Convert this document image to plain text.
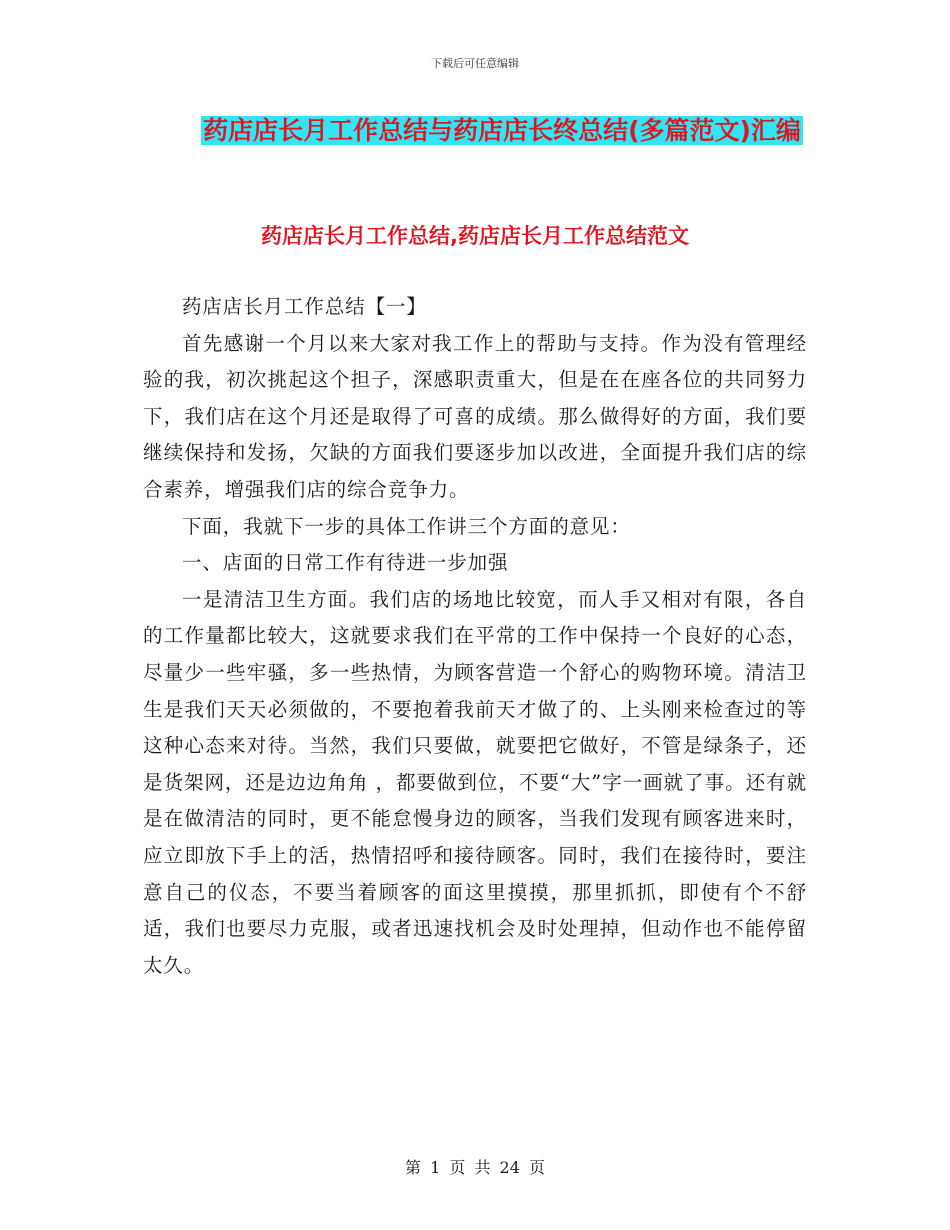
下载后可任意编辑
药店店长月工作总结与药店店长终总结(多篇范文)汇编
药店店长月工作总结,药店店长月工作总结范文

药店店长月工作总结【一】

首先感谢一个月以来大家对我工作上的帮助与支持。作为没有管理经验的我，初次挑起这个担子，深感职责重大，但是在在座各位的共同努力下，我们店在这个月还是取得了可喜的成绩。那么做得好的方面，我们要继续保持和发扬，欠缺的方面我们要逐步加以改进，全面提升我们店的综合素养，增强我们店的综合竞争力。

下面，我就下一步的具体工作讲三个方面的意见：

一、店面的日常工作有待进一步加强

一是清洁卫生方面。我们店的场地比较宽，而人手又相对有限，各自的工作量都比较大，这就要求我们在平常的工作中保持一个良好的心态，尽量少一些牢骚，多一些热情，为顾客营造一个舒心的购物环境。清洁卫生是我们天天必须做的，不要抱着我前天才做了的、上头刚来检查过的等这种心态来对待。当然，我们只要做，就要把它做好，不管是绿条子，还是货架网，还是边边角角 ，都要做到位，不要“大”字一画就了事。还有就是在做清洁的同时，更不能怠慢身边的顾客，当我们发现有顾客进来时，应立即放下手上的活，热情招呼和接待顾客。同时，我们在接待时，要注意自己的仪态，不要当着顾客的面这里摸摸，那里抓抓，即使有个不舒适，我们也要尽力克服，或者迅速找机会及时处理掉，但动作也不能停留太久。

第 1 页 共 24 页
